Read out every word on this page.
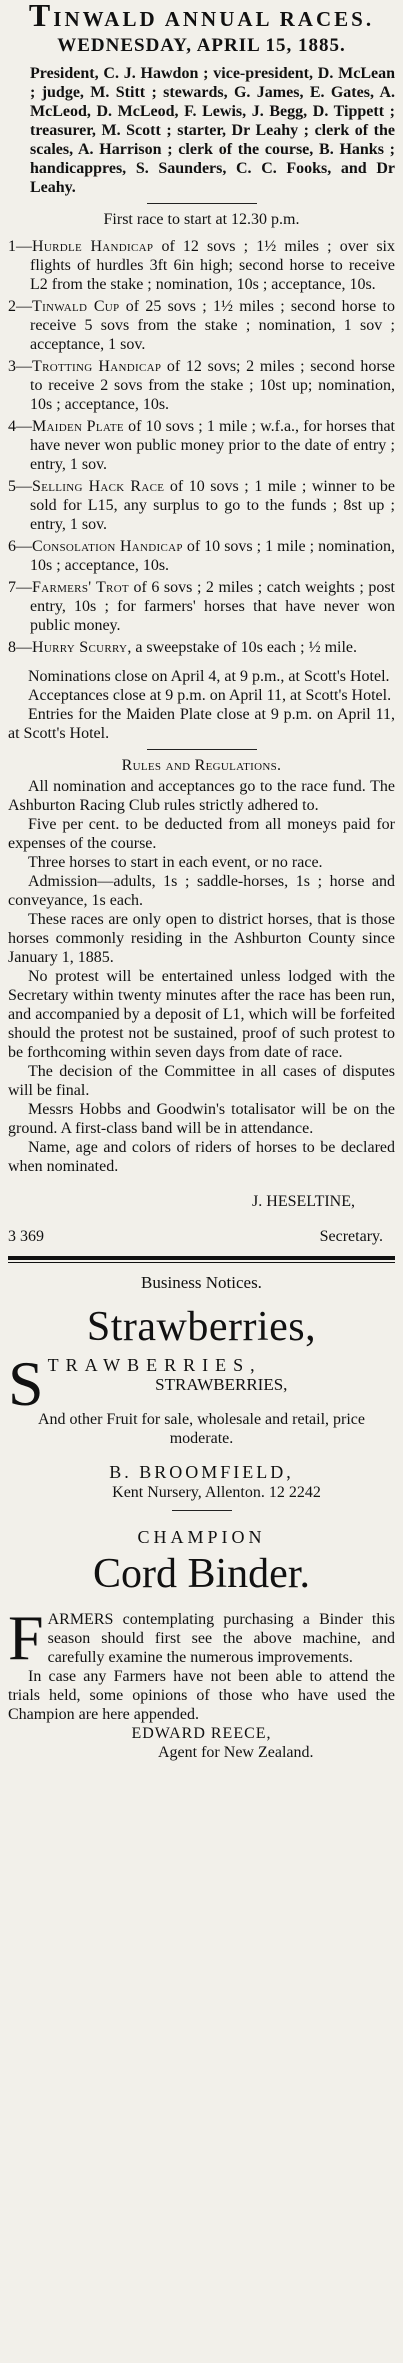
TINWALD ANNUAL RACES.

WEDNESDAY, APRIL 15, 1885.

President, C. J. Hawdon ; vice-president, D. McLean ; judge, M. Stitt ; stewards, G. James, E. Gates, A. McLeod, D. McLeod, F. Lewis, J. Begg, D. Tippett ; treasurer, M. Scott ; starter, Dr Leahy ; clerk of the scales, A. Harrison ; clerk of the course, B. Hanks ; handicappres, S. Saunders, C. C. Fooks, and Dr Leahy.

First race to start at 12.30 p.m.

1—Hurdle Handicap of 12 sovs ; 1½ miles ; over six flights of hurdles 3ft 6in high; second horse to receive L2 from the stake ; nomination, 10s ; acceptance, 10s.

2—Tinwald Cup of 25 sovs ; 1½ miles ; second horse to receive 5 sovs from the stake ; nomination, 1 sov ; acceptance, 1 sov.

3—Trotting Handicap of 12 sovs; 2 miles ; second horse to receive 2 sovs from the stake ; 10st up; nomination, 10s ; acceptance, 10s.

4—Maiden Plate of 10 sovs ; 1 mile ; w.f.a., for horses that have never won public money prior to the date of entry ; entry, 1 sov.

5—Selling Hack Race of 10 sovs ; 1 mile ; winner to be sold for L15, any surplus to go to the funds ; 8st up ; entry, 1 sov.

6—Consolation Handicap of 10 sovs ; 1 mile ; nomination, 10s ; acceptance, 10s.

7—Farmers' Trot of 6 sovs ; 2 miles ; catch weights ; post entry, 10s ; for farmers' horses that have never won public money.

8—Hurry Scurry, a sweepstake of 10s each ; ½ mile.

Nominations close on April 4, at 9 p.m., at Scott's Hotel.

Acceptances close at 9 p.m. on April 11, at Scott's Hotel.

Entries for the Maiden Plate close at 9 p.m. on April 11, at Scott's Hotel.

Rules and Regulations.

All nomination and acceptances go to the race fund. The Ashburton Racing Club rules strictly adhered to.

Five per cent. to be deducted from all moneys paid for expenses of the course.

Three horses to start in each event, or no race.

Admission—adults, 1s ; saddle-horses, 1s ; horse and conveyance, 1s each.

These races are only open to district horses, that is those horses commonly residing in the Ashburton County since January 1, 1885.

No protest will be entertained unless lodged with the Secretary within twenty minutes after the race has been run, and accompanied by a deposit of L1, which will be forfeited should the protest not be sustained, proof of such protest to be forthcoming within seven days from date of race.

The decision of the Committee in all cases of disputes will be final.

Messrs Hobbs and Goodwin's totalisator will be on the ground. A first-class band will be in attendance.

Name, age and colors of riders of horses to be declared when nominated.

J. HESELTINE,

3 369	Secretary.

Business Notices.

Strawberries,

S TRAWBERRIES,

STRAWBERRIES,

And other Fruit for sale, wholesale and retail, price moderate.

B. BROOMFIELD,

Kent Nursery, Allenton. 12 2242

CHAMPION

Cord Binder.

F ARMERS contemplating purchasing a Binder this season should first see the above machine, and carefully examine the numerous improvements.

In case any Farmers have not been able to attend the trials held, some opinions of those who have used the Champion are here appended.

EDWARD REECE,

Agent for New Zealand.
